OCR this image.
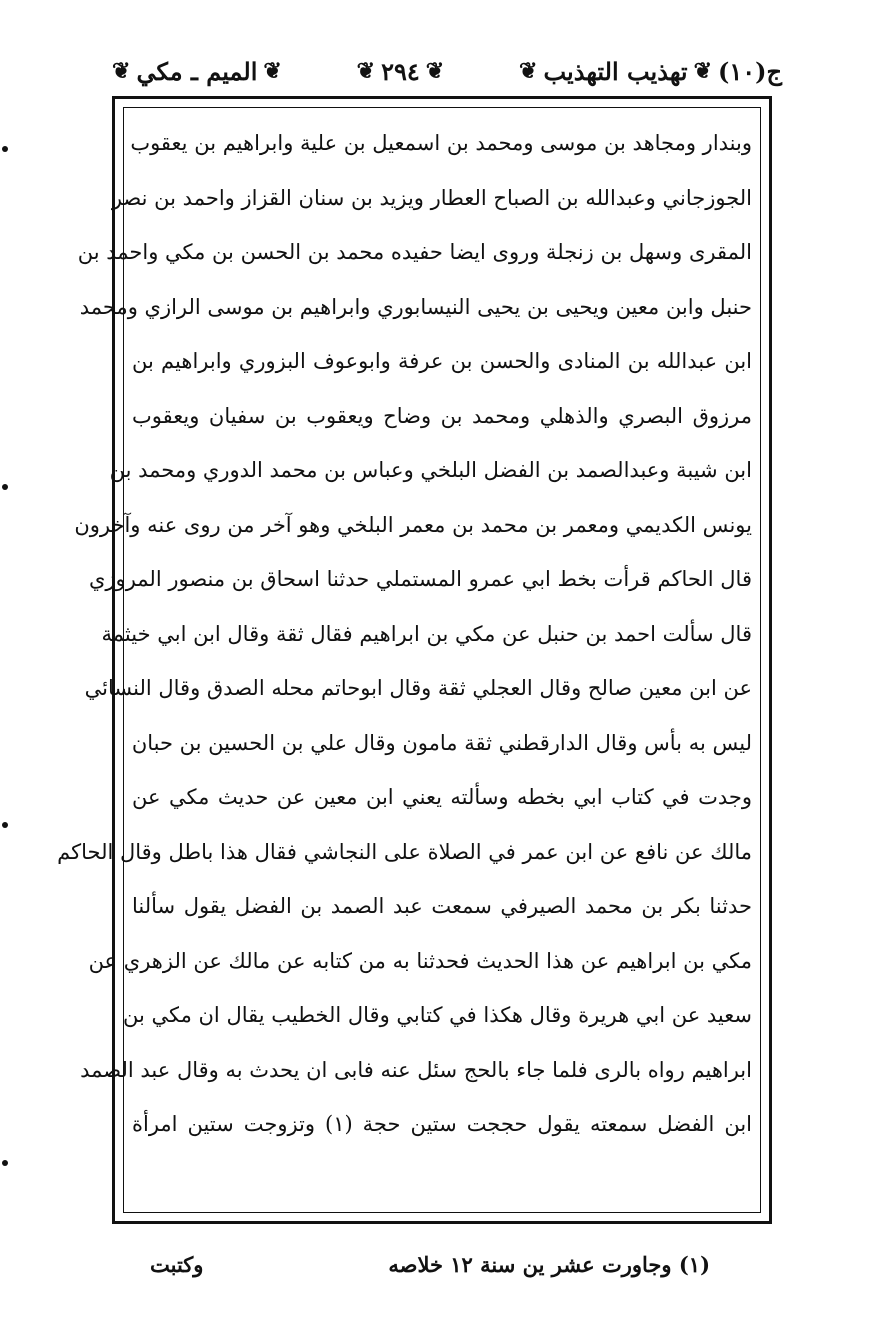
ج(١٠)
❦
تهذيب التهذيب
❦
❦
٢٩٤
❦
❦
الميم ـ مكي
❦
وبندار ومجاهد بن موسى ومحمد بن اسمعيل بن علية وابراهيم بن يعقوب
الجوزجاني وعبدالله بن الصباح العطار ويزيد بن سنان القزاز واحمد بن نصر
المقرى وسهل بن زنجلة وروى ايضا حفيده محمد بن الحسن بن مكي واحمد بن
حنبل وابن معين ويحيى بن يحيى النيسابوري وابراهيم بن موسى الرازي ومحمد
ابن عبدالله بن المنادى والحسن بن عرفة وابوعوف البزوري وابراهيم بن
مرزوق البصري والذهلي ومحمد بن وضاح ويعقوب بن سفيان ويعقوب
ابن شيبة وعبدالصمد بن الفضل البلخي وعباس بن محمد الدوري ومحمد بن
يونس الكديمي ومعمر بن محمد بن معمر البلخي وهو آخر من روى عنه وآخرون
قال الحاكم قرأت بخط ابي عمرو المستملي حدثنا اسحاق بن منصور المروزي
قال سألت احمد بن حنبل عن مكي بن ابراهيم فقال ثقة وقال ابن ابي خيثمة
عن ابن معين صالح وقال العجلي ثقة وقال ابوحاتم محله الصدق وقال النسائي
ليس به بأس وقال الدارقطني ثقة مامون وقال علي بن الحسين بن حبان
وجدت في كتاب ابي بخطه وسألته يعني ابن معين عن حديث مكي عن
مالك عن نافع عن ابن عمر في الصلاة على النجاشي فقال هذا باطل وقال الحاكم
حدثنا بكر بن محمد الصيرفي سمعت عبد الصمد بن الفضل يقول سألنا
مكي بن ابراهيم عن هذا الحديث فحدثنا به من كتابه عن مالك عن الزهري عن
سعيد عن ابي هريرة وقال هكذا في كتابي وقال الخطيب يقال ان مكي بن
ابراهيم رواه بالرى فلما جاء بالحج سئل عنه فابى ان يحدث به وقال عبد الصمد
ابن الفضل سمعته يقول حججت ستين حجة (١) وتزوجت ستين امرأة
(١) وجاورت عشر ين سنة ١٢ خلاصه
وكتبت
